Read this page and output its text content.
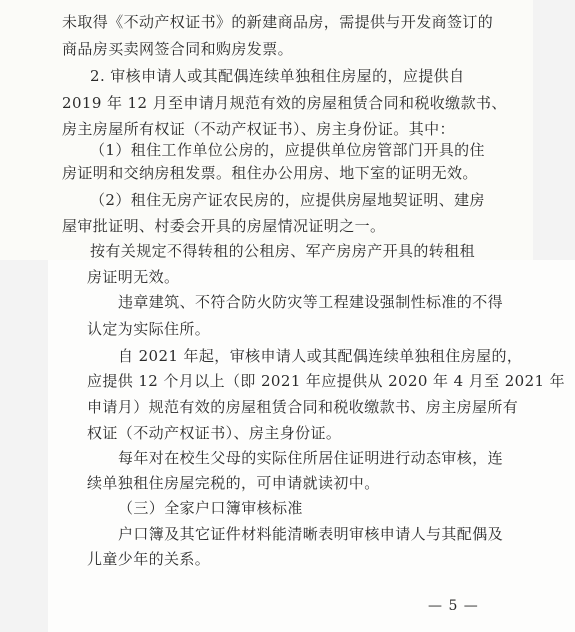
未取得《不动产权证书》的新建商品房，需提供与开发商签订的
商品房买卖网签合同和购房发票。
2. 审核申请人或其配偶连续单独租住房屋的，应提供自
2019 年 12 月至申请月规范有效的房屋租赁合同和税收缴款书、
房主房屋所有权证（不动产权证书）、房主身份证。其中：
（1）租住工作单位公房的，应提供单位房管部门开具的住
房证明和交纳房租发票。租住办公用房、地下室的证明无效。
（2）租住无房产证农民房的，应提供房屋地契证明、建房
屋审批证明、村委会开具的房屋情况证明之一。
按有关规定不得转租的公租房、军产房房产开具的转租租
房证明无效。
违章建筑、不符合防火防灾等工程建设强制性标准的不得
认定为实际住所。
自 2021 年起，审核申请人或其配偶连续单独租住房屋的，
应提供 12 个月以上（即 2021 年应提供从 2020 年 4 月至 2021 年
申请月）规范有效的房屋租赁合同和税收缴款书、房主房屋所有
权证（不动产权证书）、房主身份证。
每年对在校生父母的实际住所居住证明进行动态审核，连
续单独租住房屋完税的，可申请就读初中。
（三）全家户口簿审核标准
户口簿及其它证件材料能清晰表明审核申请人与其配偶及
儿童少年的关系。
— 5 —
